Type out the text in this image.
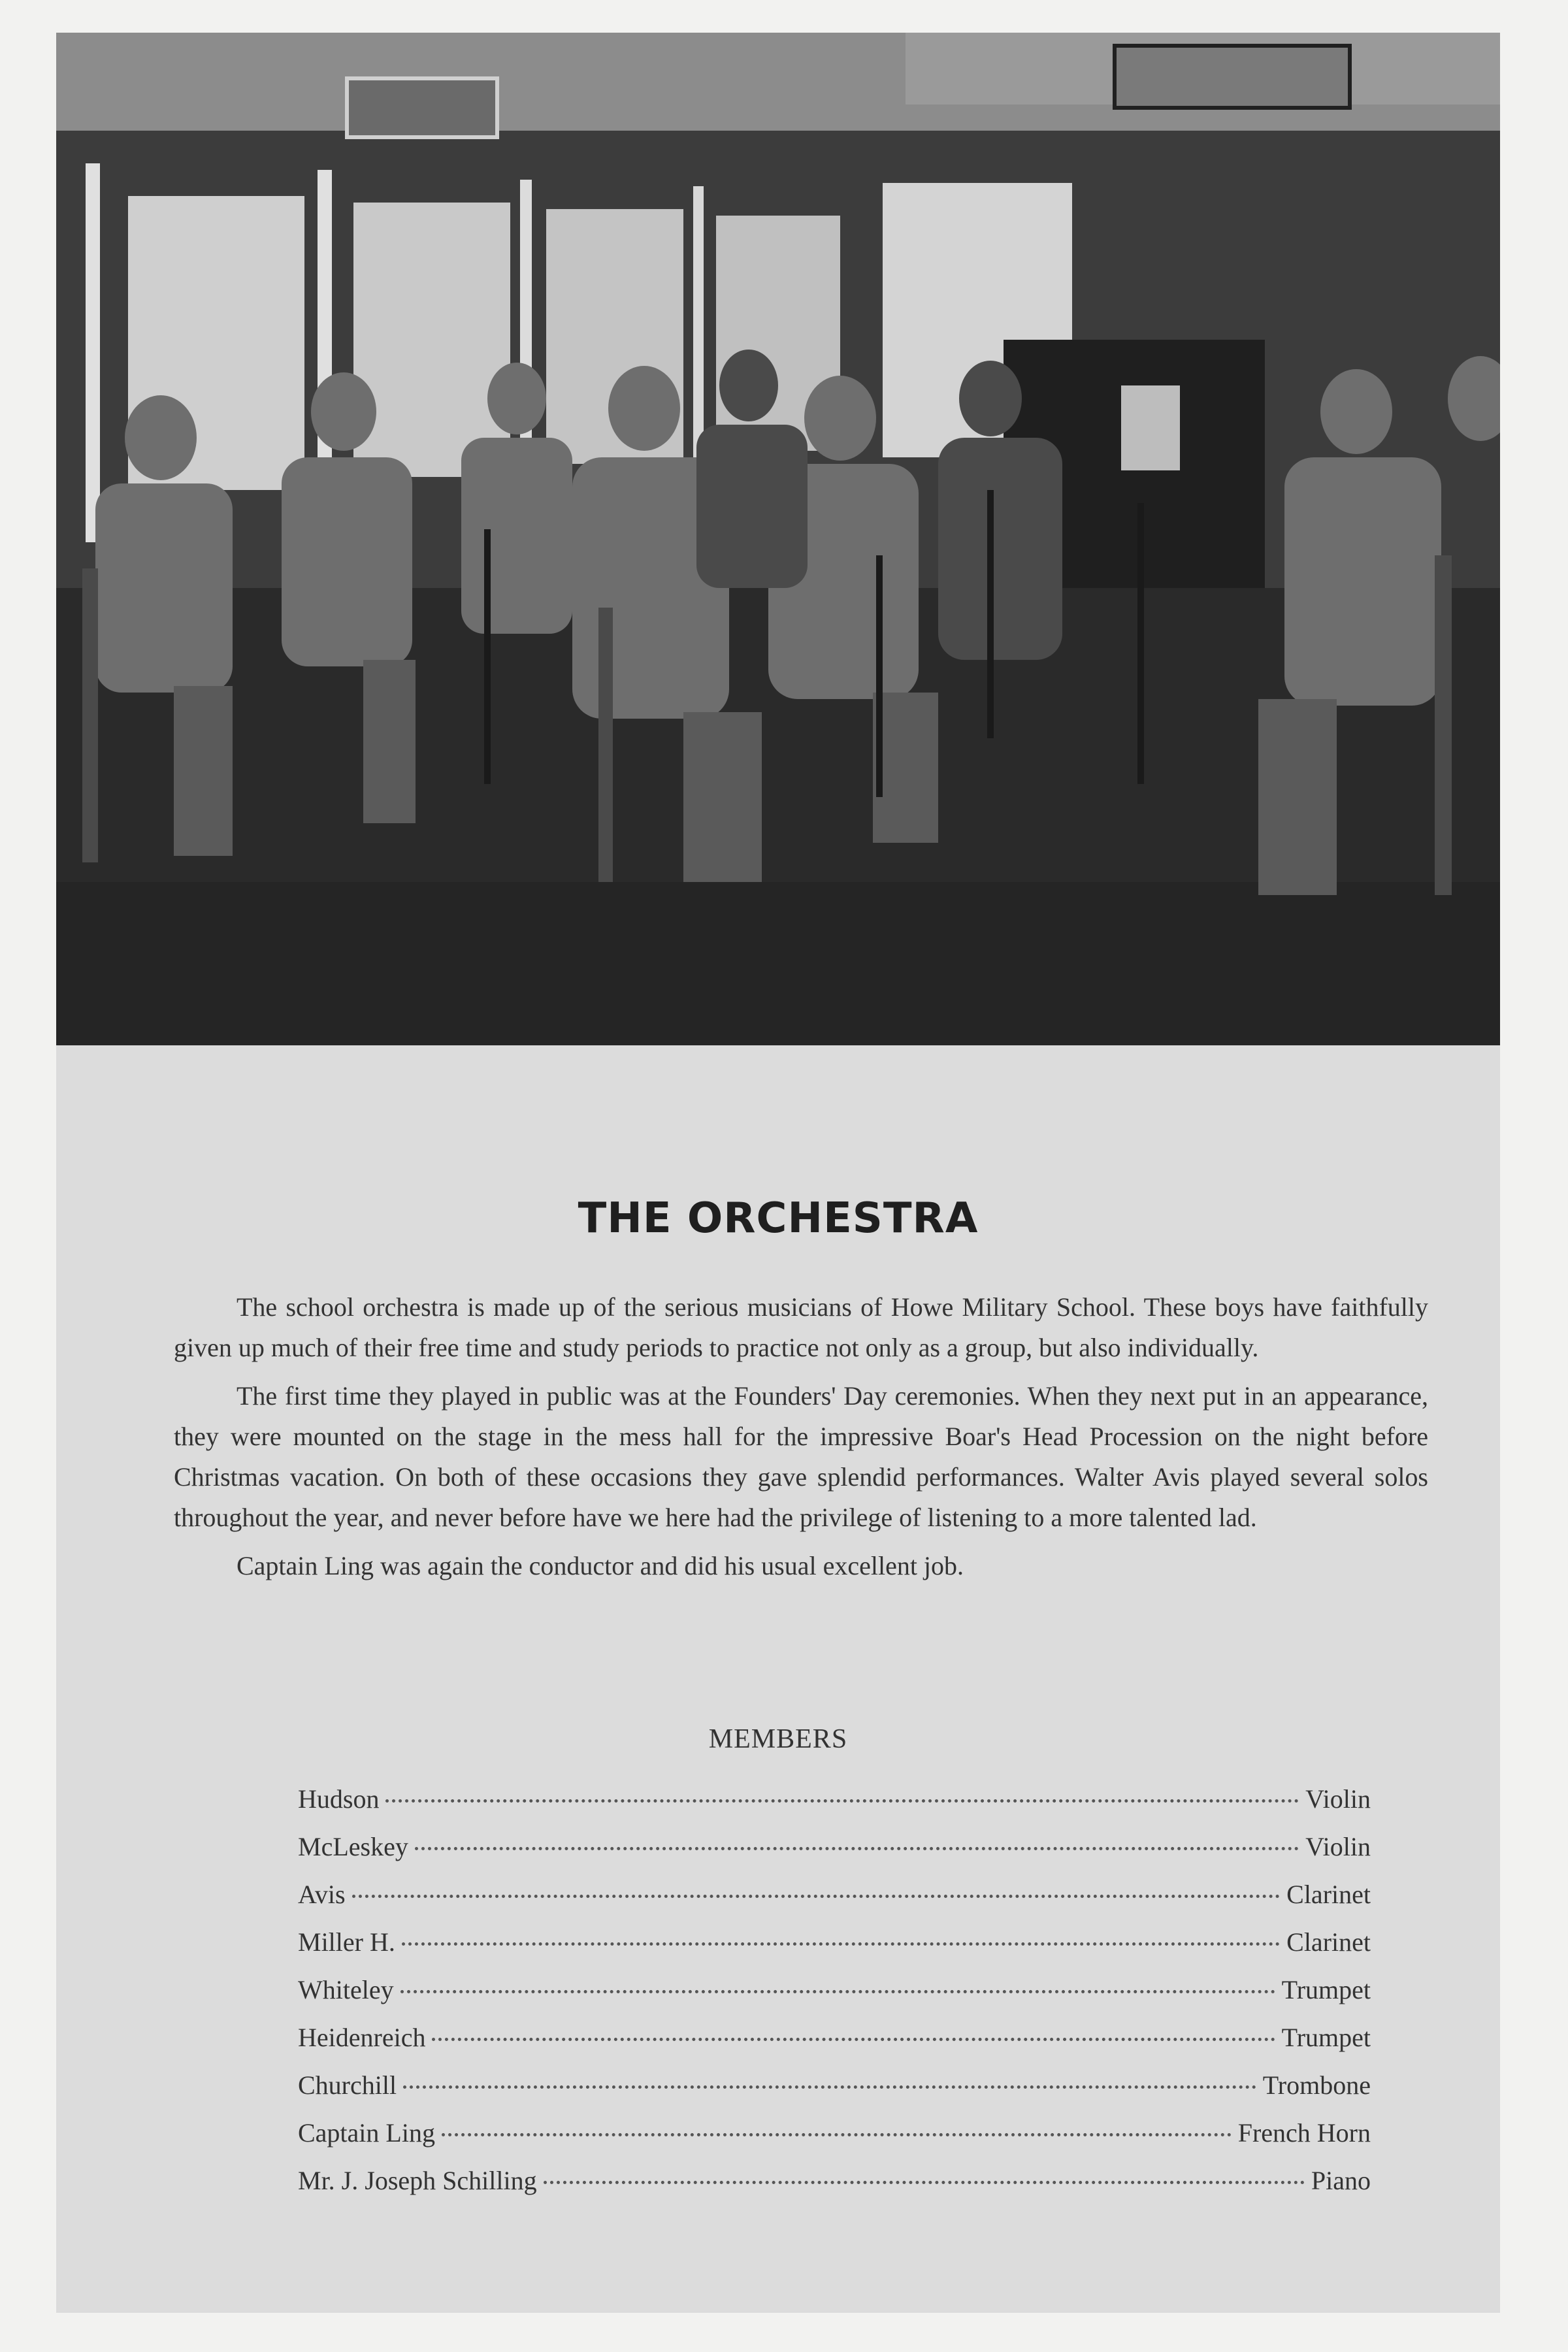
THE ORCHESTRA

The school orchestra is made up of the serious musicians of Howe Military School. These boys have faithfully given up much of their free time and study periods to practice not only as a group, but also individually.

The first time they played in public was at the Founders' Day ceremonies. When they next put in an appearance, they were mounted on the stage in the mess hall for the impressive Boar's Head Procession on the night before Christmas vacation. On both of these occasions they gave splendid performances. Walter Avis played several solos throughout the year, and never before have we here had the privilege of listening to a more talented lad.

Captain Ling was again the conductor and did his usual excellent job.

MEMBERS
Hudson	Violin
McLeskey	Violin
Avis	Clarinet
Miller H.	Clarinet
Whiteley	Trumpet
Heidenreich	Trumpet
Churchill	Trombone
Captain Ling	French Horn
Mr. J. Joseph Schilling	Piano
